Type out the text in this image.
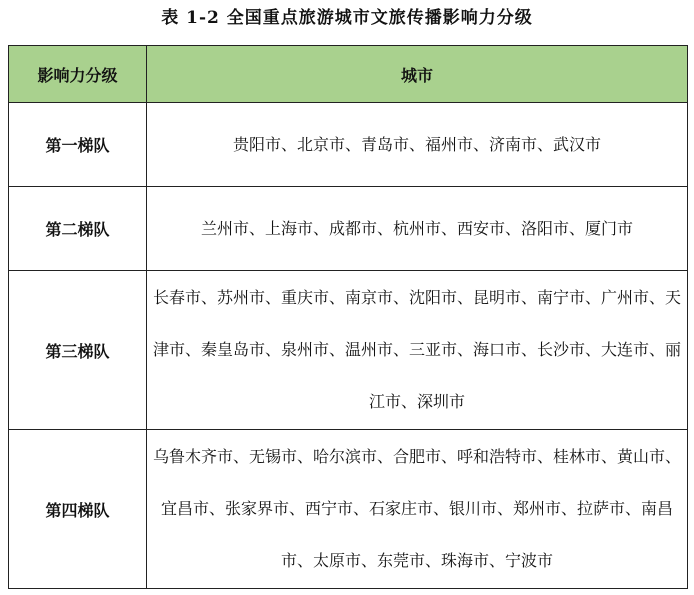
表 1-2 全国重点旅游城市文旅传播影响力分级
影响力分级	城市
第一梯队	贵阳市、北京市、青岛市、福州市、济南市、武汉市
第二梯队	兰州市、上海市、成都市、杭州市、西安市、洛阳市、厦门市
第三梯队	长春市、苏州市、重庆市、南京市、沈阳市、昆明市、南宁市、广州市、天津市、秦皇岛市、泉州市、温州市、三亚市、海口市、长沙市、大连市、丽江市、深圳市
第四梯队	乌鲁木齐市、无锡市、哈尔滨市、合肥市、呼和浩特市、桂林市、黄山市、宜昌市、张家界市、西宁市、石家庄市、银川市、郑州市、拉萨市、南昌市、太原市、东莞市、珠海市、宁波市
